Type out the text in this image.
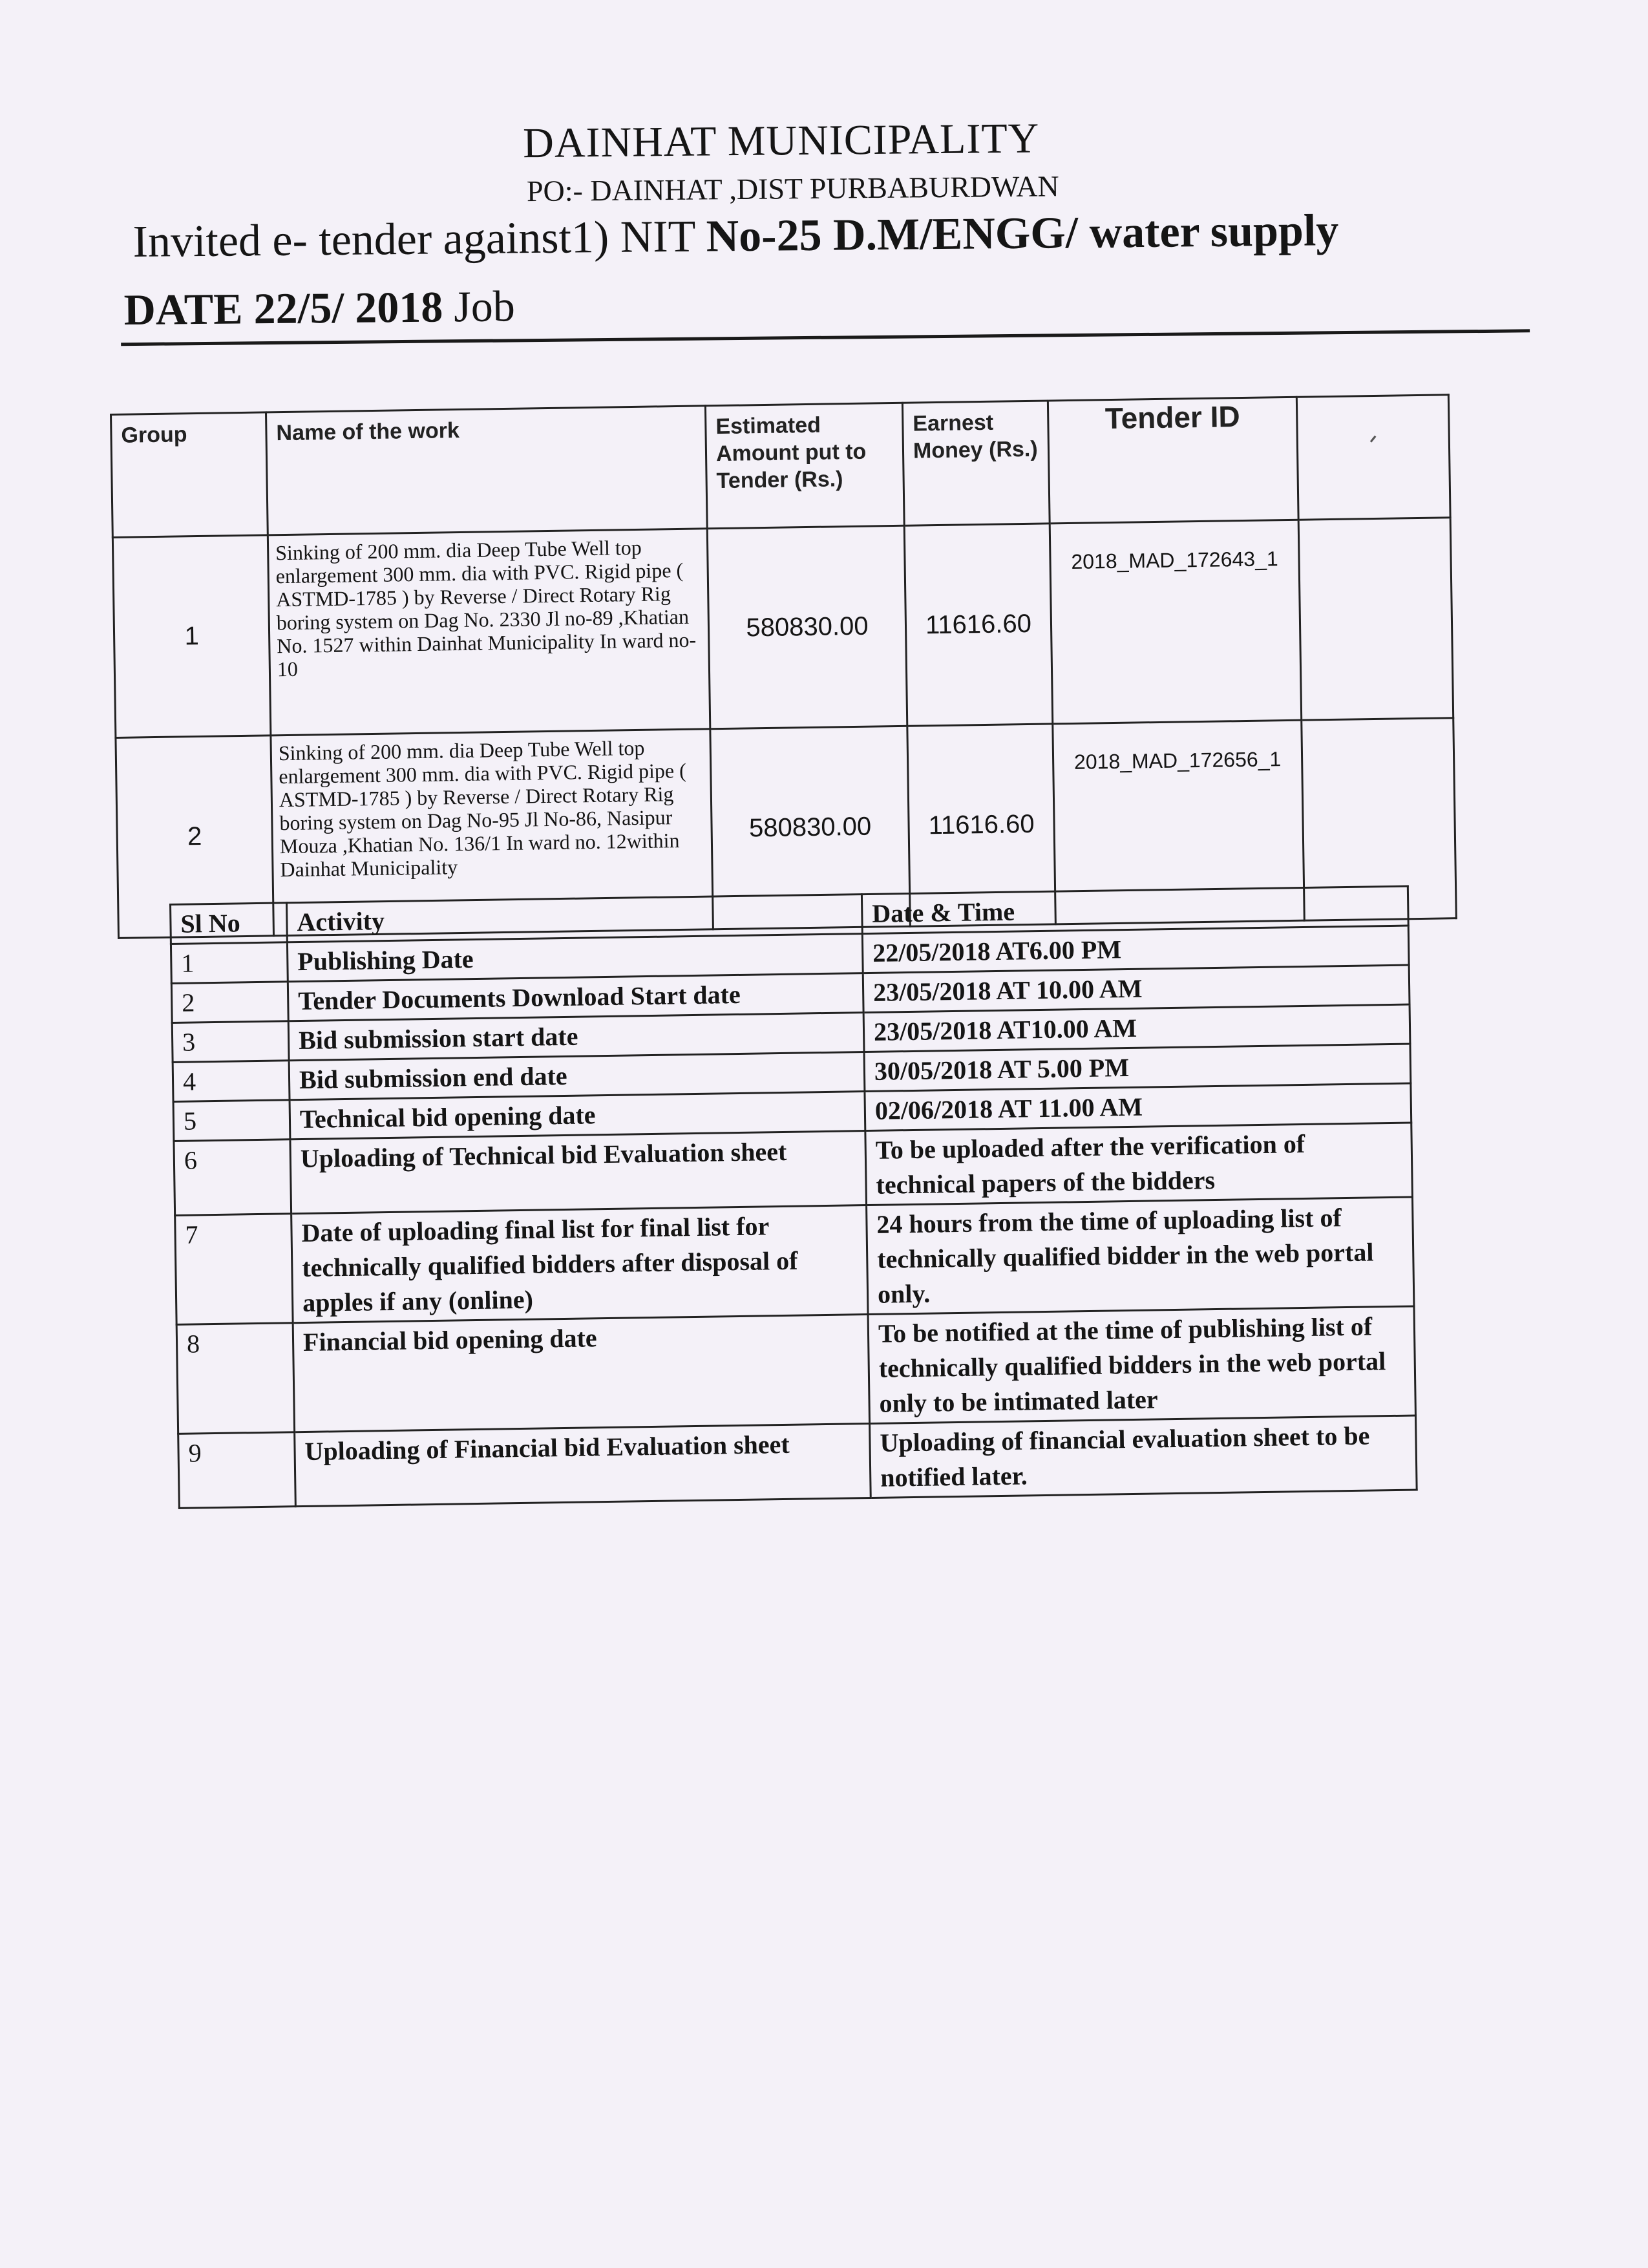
DAINHAT MUNICIPALITY
PO:- DAINHAT ,DIST PURBABURDWAN
Invited e- tender against1) NIT No-25 D.M/ENGG/ water supply
DATE 22/5/ 2018 Job
Group	Name of the work	Estimated Amount put to Tender (Rs.)	Earnest Money (Rs.)	Tender ID	ᐟ

1	Sinking of 200 mm. dia Deep Tube Well top enlargement 300 mm. dia with PVC. Rigid pipe ( ASTMD-1785 ) by Reverse / Direct Rotary Rig boring system on Dag No. 2330 Jl no-89 ,Khatian No. 1527 within Dainhat Municipality In ward no- 10	580830.00	11616.60	2018_MAD_172643_1	
2	Sinking of 200 mm. dia Deep Tube Well top enlargement 300 mm. dia with PVC. Rigid pipe ( ASTMD-1785 ) by Reverse / Direct Rotary Rig boring system on Dag No-95 Jl No-86, Nasipur Mouza ,Khatian No. 136/1 In ward no. 12within Dainhat Municipality	580830.00	11616.60	2018_MAD_172656_1	
Sl No	Activity	Date & Time
1	Publishing Date	22/05/2018 AT6.00 PM
2	Tender Documents Download Start date	23/05/2018 AT 10.00 AM
3	Bid submission start date	23/05/2018 AT10.00 AM
4	Bid submission end date	30/05/2018 AT 5.00 PM
5	Technical bid opening date	02/06/2018 AT 11.00 AM
6	Uploading of Technical bid Evaluation sheet	To be uploaded after the verification of technical papers of the bidders
7	Date of uploading final list for final list for technically qualified bidders after disposal of apples if any (online)	24 hours from the time of uploading list of technically qualified bidder in the web portal only.
8	Financial bid opening date	To be notified at the time of publishing list of technically qualified bidders in the web portal only to be intimated later
9	Uploading of Financial bid Evaluation sheet	Uploading of financial evaluation sheet to be notified later.
